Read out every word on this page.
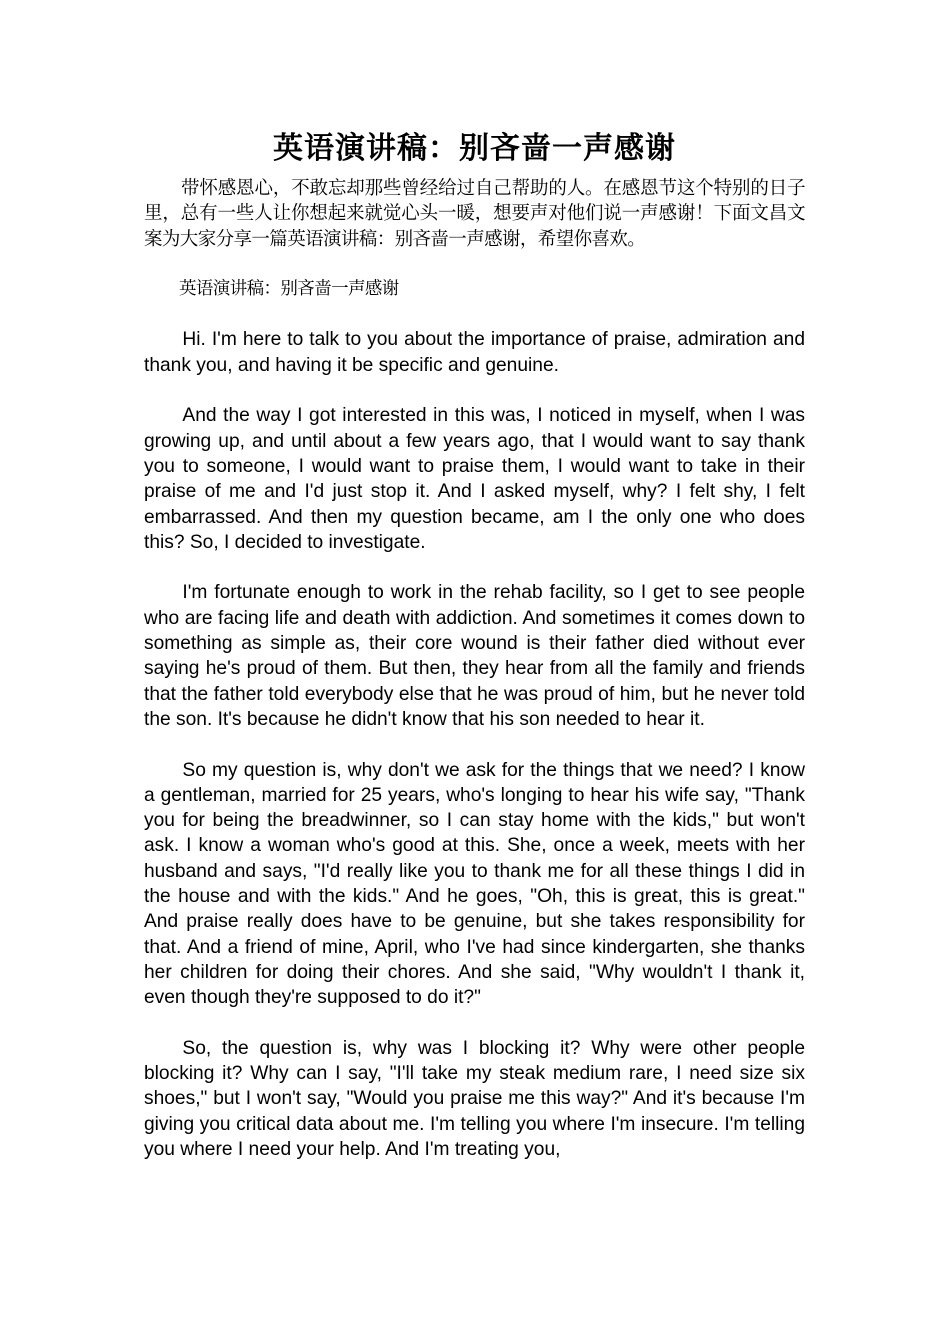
英语演讲稿：别吝啬一声感谢

带怀感恩心，不敢忘却那些曾经给过自己帮助的人。在感恩节这个特别的日子里，总有一些人让你想起来就觉心头一暖，想要声对他们说一声感谢！下面文昌文案为大家分享一篇英语演讲稿：别吝啬一声感谢，希望你喜欢。

英语演讲稿：别吝啬一声感谢

Hi. I'm here to talk to you about the importance of praise, admiration and thank you, and having it be specific and genuine.

And the way I got interested in this was, I noticed in myself, when I was growing up, and until about a few years ago, that I would want to say thank you to someone, I would want to praise them, I would want to take in their praise of me and I'd just stop it. And I asked myself, why? I felt shy, I felt embarrassed. And then my question became, am I the only one who does this? So, I decided to investigate.

I'm fortunate enough to work in the rehab facility, so I get to see people who are facing life and death with addiction. And sometimes it comes down to something as simple as, their core wound is their father died without ever saying he's proud of them. But then, they hear from all the family and friends that the father told everybody else that he was proud of him, but he never told the son. It's because he didn't know that his son needed to hear it.

So my question is, why don't we ask for the things that we need? I know a gentleman, married for 25 years, who's longing to hear his wife say, "Thank you for being the breadwinner, so I can stay home with the kids," but won't ask. I know a woman who's good at this. She, once a week, meets with her husband and says, "I'd really like you to thank me for all these things I did in the house and with the kids." And he goes, "Oh, this is great, this is great." And praise really does have to be genuine, but she takes responsibility for that. And a friend of mine, April, who I've had since kindergarten, she thanks her children for doing their chores. And she said, "Why wouldn't I thank it, even though they're supposed to do it?"

So, the question is, why was I blocking it? Why were other people blocking it? Why can I say, "I'll take my steak medium rare, I need size six shoes," but I won't say, "Would you praise me this way?" And it's because I'm giving you critical data about me. I'm telling you where I'm insecure. I'm telling you where I need your help. And I'm treating you,
